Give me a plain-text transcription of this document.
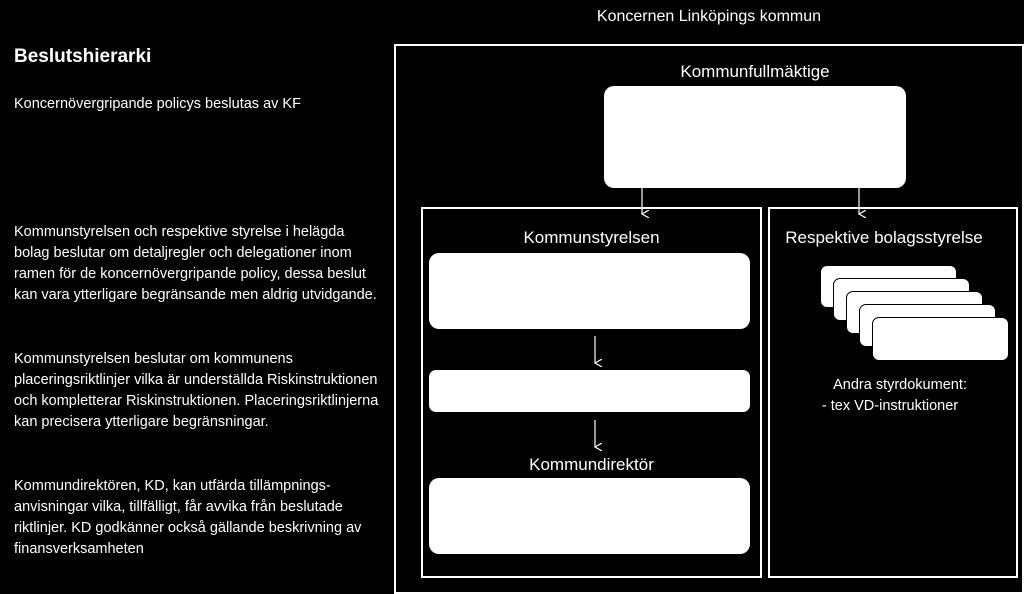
Beslutshierarki
Koncernövergripande policys beslutas av KF
Kommunstyrelsen och respektive styrelse i helägda bolag beslutar om detaljregler och delegationer inom ramen för de koncernövergripande policy, dessa beslut kan vara ytterligare begränsande men aldrig utvidgande.
Kommunstyrelsen beslutar om kommunens placeringsriktlinjer vilka är underställda Riskinstruktionen och kompletterar Riskinstruktionen. Placeringsriktlinjerna kan precisera ytterligare begränsningar.
Kommundirektören, KD, kan utfärda tillämpnings-anvisningar vilka, tillfälligt, får avvika från beslutade riktlinjer. KD godkänner också gällande beskrivning av finansverksamheten
Koncernen Linköpings kommun
Kommunfullmäktige
Kommunstyrelsen
Kommundirektör
Respektive bolagsstyrelse
Andra styrdokument:
- tex VD-instruktioner
